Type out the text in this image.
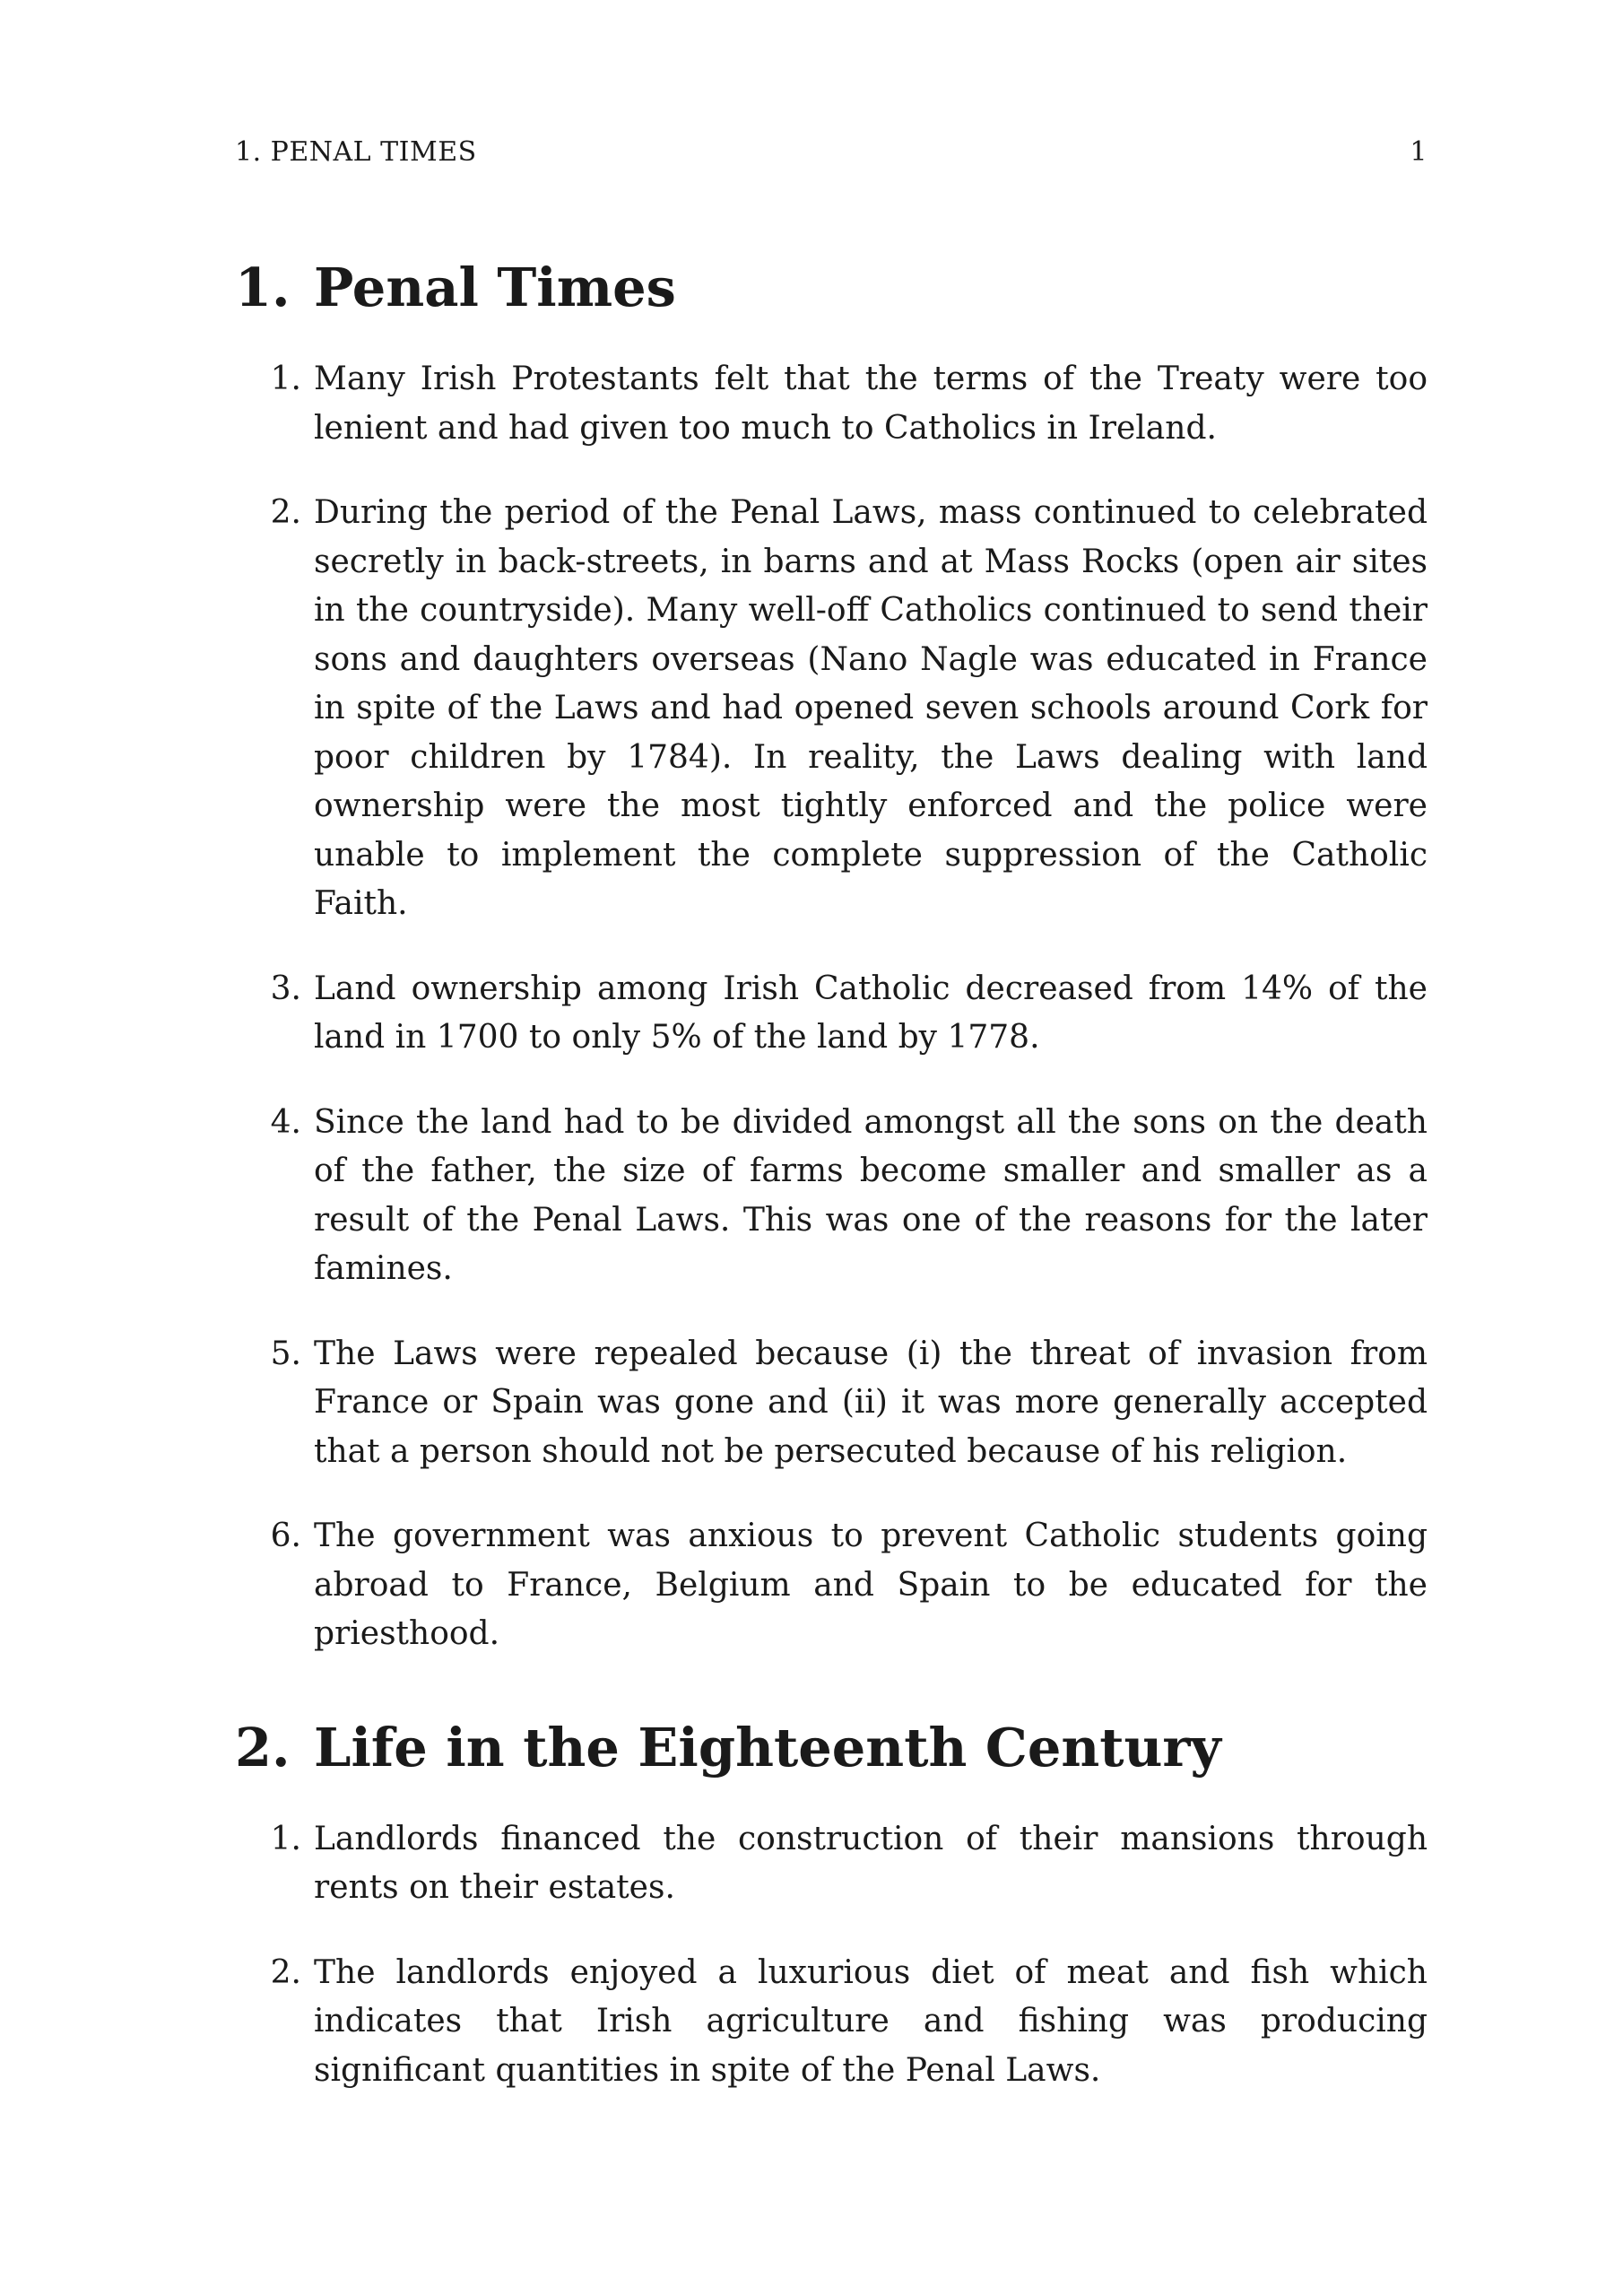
1. PENAL TIMES	1
1. Penal Times
1. Many Irish Protestants felt that the terms of the Treaty were too lenient and had given too much to Catholics in Ireland.
2. During the period of the Penal Laws, mass continued to celebrated secretly in back-streets, in barns and at Mass Rocks (open air sites in the countryside). Many well-off Catholics continued to send their sons and daughters overseas (Nano Nagle was educated in France in spite of the Laws and had opened seven schools around Cork for poor children by 1784). In reality, the Laws dealing with land ownership were the most tightly enforced and the police were unable to implement the complete suppression of the Catholic Faith.
3. Land ownership among Irish Catholic decreased from 14% of the land in 1700 to only 5% of the land by 1778.
4. Since the land had to be divided amongst all the sons on the death of the father, the size of farms become smaller and smaller as a result of the Penal Laws. This was one of the reasons for the later famines.
5. The Laws were repealed because (i) the threat of invasion from France or Spain was gone and (ii) it was more generally accepted that a person should not be persecuted because of his religion.
6. The government was anxious to prevent Catholic students going abroad to France, Belgium and Spain to be educated for the priesthood.
2. Life in the Eighteenth Century
1. Landlords financed the construction of their mansions through rents on their estates.
2. The landlords enjoyed a luxurious diet of meat and fish which indicates that Irish agriculture and fishing was producing significant quantities in spite of the Penal Laws.
